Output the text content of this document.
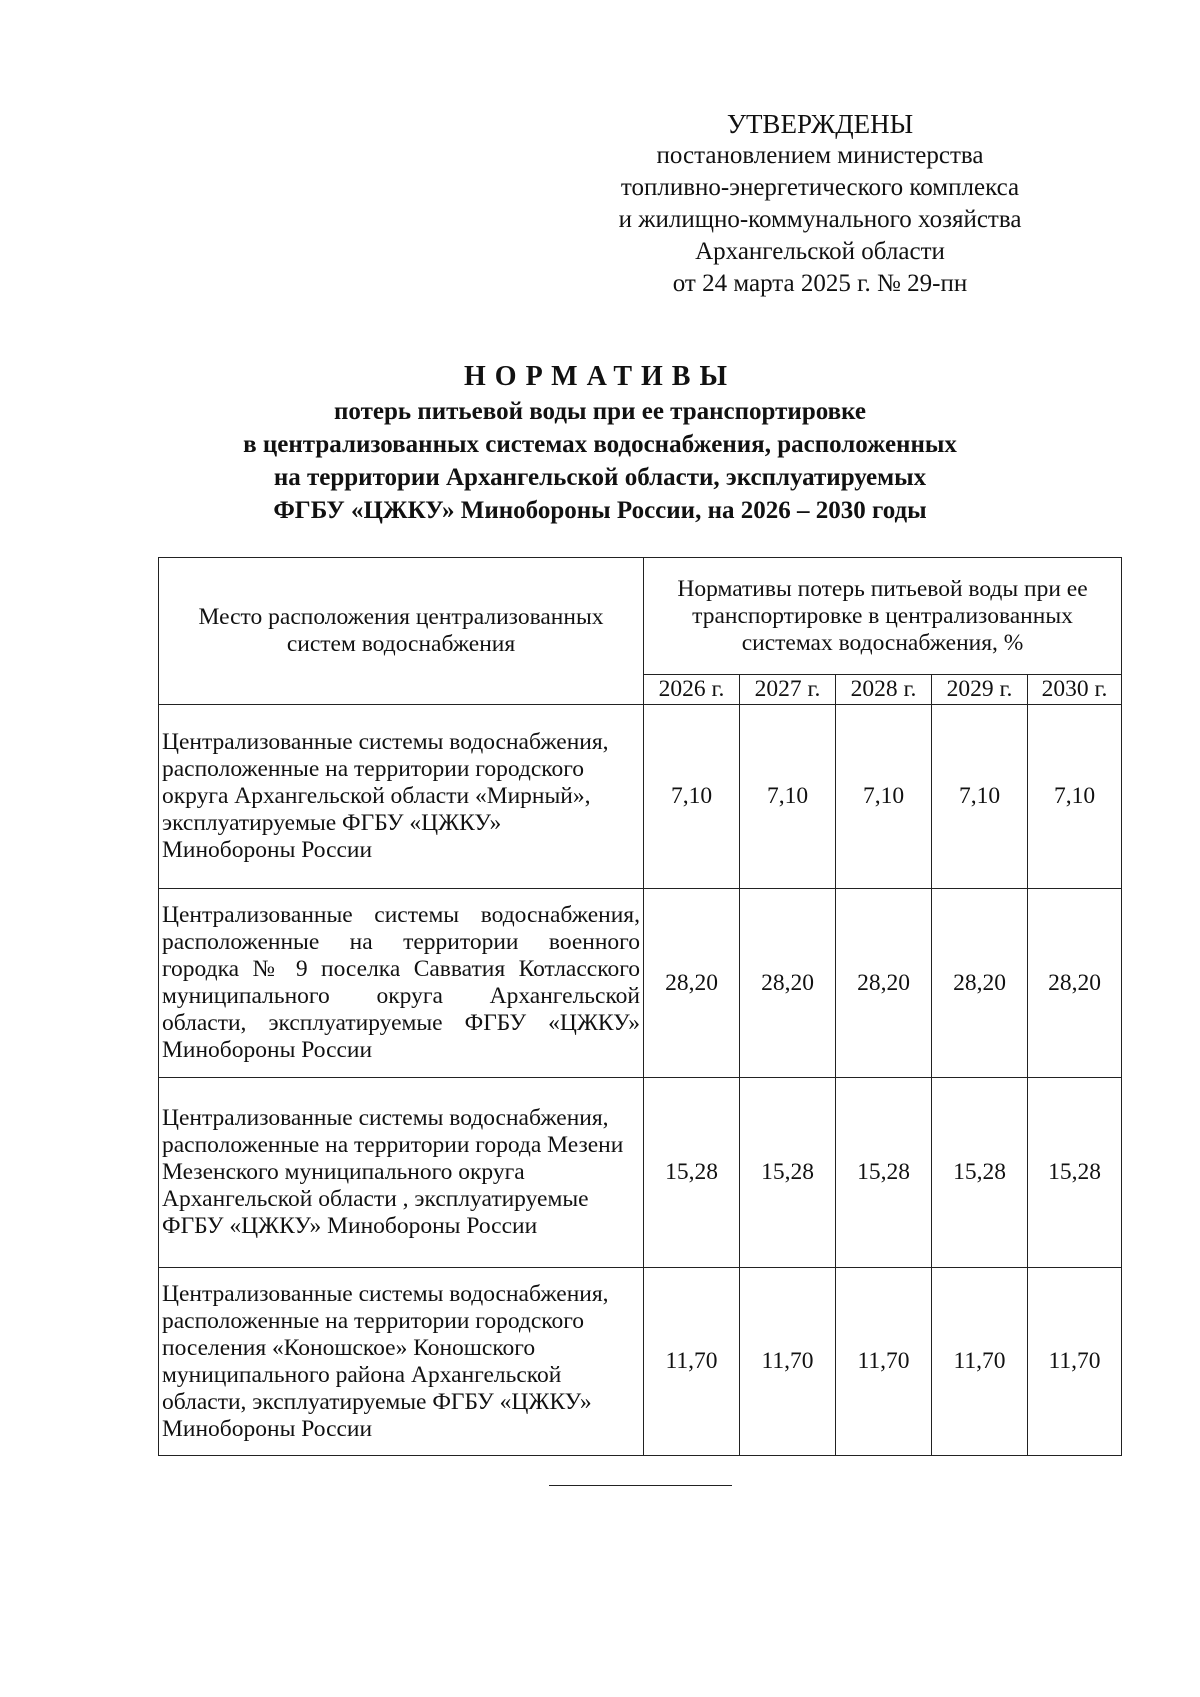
УТВЕРЖДЕНЫ
постановлением министерства
топливно-энергетического комплекса
и жилищно-коммунального хозяйства
Архангельской области
от 24 марта 2025 г. № 29-пн
НОРМАТИВЫ
потерь питьевой воды при ее транспортировке
в централизованных системах водоснабжения, расположенных
на территории Архангельской области, эксплуатируемых
ФГБУ «ЦЖКУ» Минобороны России, на 2026 – 2030 годы
Место расположения централизованных систем водоснабжения	Нормативы потерь питьевой воды при ее транспортировке в централизованных системах водоснабжения, %				
	2026 г.	2027 г.	2028 г.	2029 г.	2030 г.
Централизованные системы водоснабжения, расположенные на территории городского округа Архангельской области «Мирный», эксплуатируемые ФГБУ «ЦЖКУ» Минобороны России	7,10	7,10	7,10	7,10	7,10
Централизованные системы водоснабжения, расположенные на территории военного городка № 9 поселка Савватия Котласского муниципального округа Архангельской области, эксплуатируемые ФГБУ «ЦЖКУ» Минобороны России	28,20	28,20	28,20	28,20	28,20
Централизованные системы водоснабжения, расположенные на территории города Мезени Мезенского муниципального округа Архангельской области , эксплуатируемые ФГБУ «ЦЖКУ» Минобороны России	15,28	15,28	15,28	15,28	15,28
Централизованные системы водоснабжения, расположенные на территории городского поселения «Коношское» Коношского муниципального района Архангельской области, эксплуатируемые ФГБУ «ЦЖКУ» Минобороны России	11,70	11,70	11,70	11,70	11,70
